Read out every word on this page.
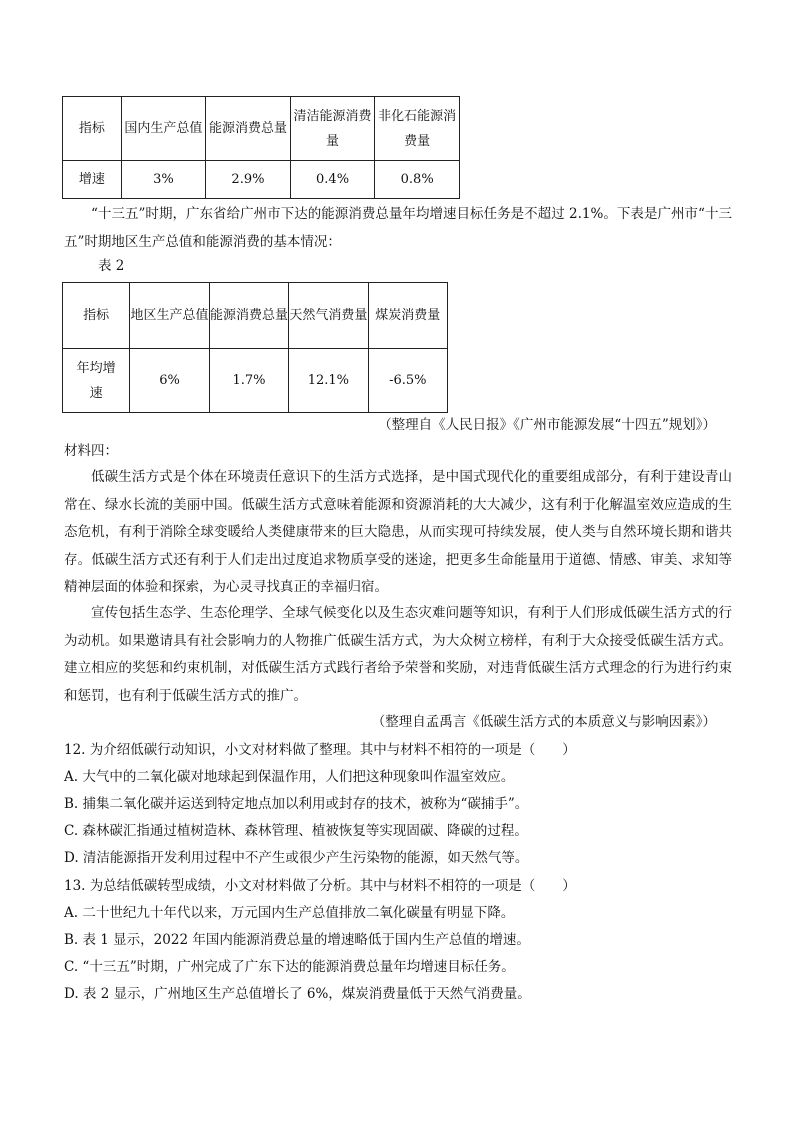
指标	国内生产总值	能源消费总量	清洁能源消费量	非化石能源消费量
增速	3%	2.9%	0.4%	0.8%
“十三五”时期，广东省给广州市下达的能源消费总量年均增速目标任务是不超过 2.1%。下表是广州市“十三五”时期地区生产总值和能源消费的基本情况：
表 2
指标	地区生产总值	能源消费总量	天然气消费量	煤炭消费量
年均增速	6%	1.7%	12.1%	-6.5%
（整理自《人民日报》《广州市能源发展“十四五”规划》）
材料四：
低碳生活方式是个体在环境责任意识下的生活方式选择，是中国式现代化的重要组成部分，有利于建设青山常在、绿水长流的美丽中国。低碳生活方式意味着能源和资源消耗的大大减少，这有利于化解温室效应造成的生态危机，有利于消除全球变暖给人类健康带来的巨大隐患，从而实现可持续发展，使人类与自然环境长期和谐共存。低碳生活方式还有利于人们走出过度追求物质享受的迷途，把更多生命能量用于道德、情感、审美、求知等精神层面的体验和探索，为心灵寻找真正的幸福归宿。
宣传包括生态学、生态伦理学、全球气候变化以及生态灾难问题等知识，有利于人们形成低碳生活方式的行为动机。如果邀请具有社会影响力的人物推广低碳生活方式，为大众树立榜样，有利于大众接受低碳生活方式。建立相应的奖惩和约束机制，对低碳生活方式践行者给予荣誉和奖励，对违背低碳生活方式理念的行为进行约束和惩罚，也有利于低碳生活方式的推广。
（整理自孟禹言《低碳生活方式的本质意义与影响因素》）
12. 为介绍低碳行动知识，小文对材料做了整理。其中与材料不相符的一项是（　　）
A. 大气中的二氧化碳对地球起到保温作用，人们把这种现象叫作温室效应。
B. 捕集二氧化碳并运送到特定地点加以利用或封存的技术，被称为“碳捕手”。
C. 森林碳汇指通过植树造林、森林管理、植被恢复等实现固碳、降碳的过程。
D. 清洁能源指开发利用过程中不产生或很少产生污染物的能源，如天然气等。
13. 为总结低碳转型成绩，小文对材料做了分析。其中与材料不相符的一项是（　　）
A. 二十世纪九十年代以来，万元国内生产总值排放二氧化碳量有明显下降。
B. 表 1 显示，2022 年国内能源消费总量的增速略低于国内生产总值的增速。
C. “十三五”时期，广州完成了广东下达的能源消费总量年均增速目标任务。
D. 表 2 显示，广州地区生产总值增长了 6%，煤炭消费量低于天然气消费量。
